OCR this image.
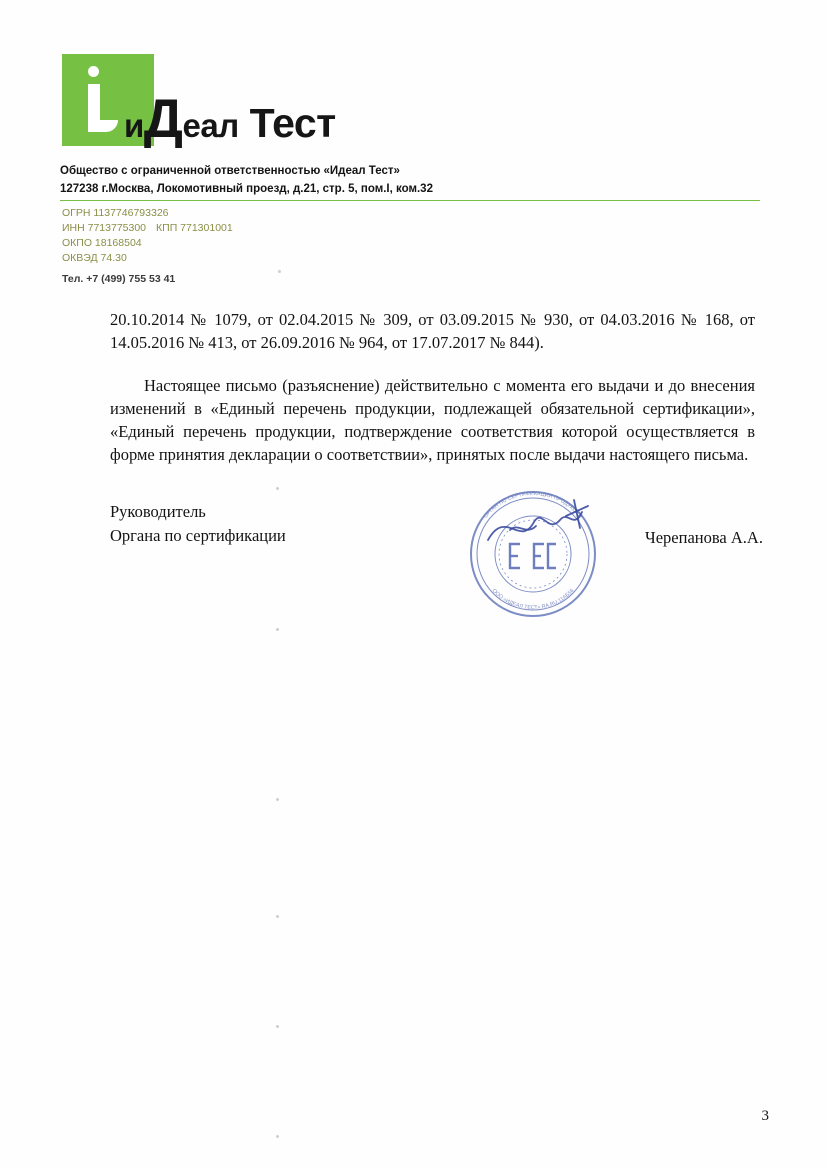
иДеал Тест
Общество с ограниченной ответственностью «Идеал Тест»
127238 г.Москва, Локомотивный проезд, д.21, стр. 5, пом.I, ком.32
ОГРН 1137746793326
ИНН 7713775300 КПП 771301001
ОКПО 18168504
ОКВЭД 74.30
Тел. +7 (499) 755 53 41

20.10.2014 № 1079, от 02.04.2015 № 309, от 03.09.2015 № 930, от 04.03.2016 № 168, от 14.05.2016 № 413, от 26.09.2016 № 964, от 17.07.2017 № 844).

Настоящее письмо (разъяснение) действительно с момента его выдачи и до внесения изменений в «Единый перечень продукции, подлежащей обязательной сертификации», «Единый перечень продукции, подтверждение соответствия которой осуществляется в форме принятия декларации о соответствии», принятых после выдачи настоящего письма.

Руководитель
Органа по сертификации	Черепанова А.А.
ОРГАН ПО СЕРТИФИКАЦИИ ПРОДУКЦИИ
ООО «ИДЕАЛ ТЕСТ» RA.RU.11АБ56
3
